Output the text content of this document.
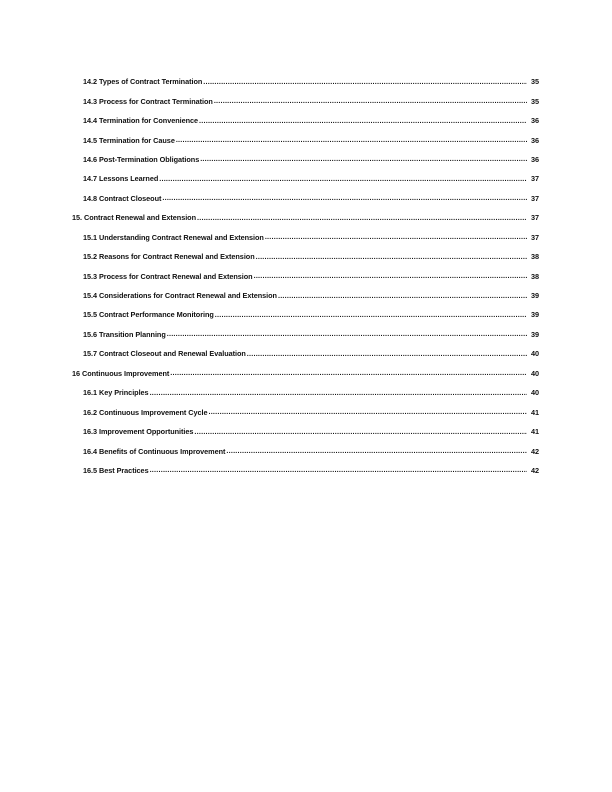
14.2 Types of Contract Termination .....	35
14.3 Process for Contract Termination .....	35
14.4 Termination for Convenience .....	36
14.5 Termination for Cause .....	36
14.6 Post-Termination Obligations .....	36
14.7 Lessons Learned .....	37
14.8 Contract Closeout .....	37
15. Contract Renewal and Extension .....	37
15.1 Understanding Contract Renewal and Extension .....	37
15.2 Reasons for Contract Renewal and Extension .....	38
15.3 Process for Contract Renewal and Extension .....	38
15.4 Considerations for Contract Renewal and Extension .....	39
15.5 Contract Performance Monitoring .....	39
15.6 Transition Planning .....	39
15.7 Contract Closeout and Renewal Evaluation .....	40
16 Continuous Improvement .....	40
16.1 Key Principles .....	40
16.2 Continuous Improvement Cycle .....	41
16.3 Improvement Opportunities .....	41
16.4 Benefits of Continuous Improvement .....	42
16.5 Best Practices .....	42
